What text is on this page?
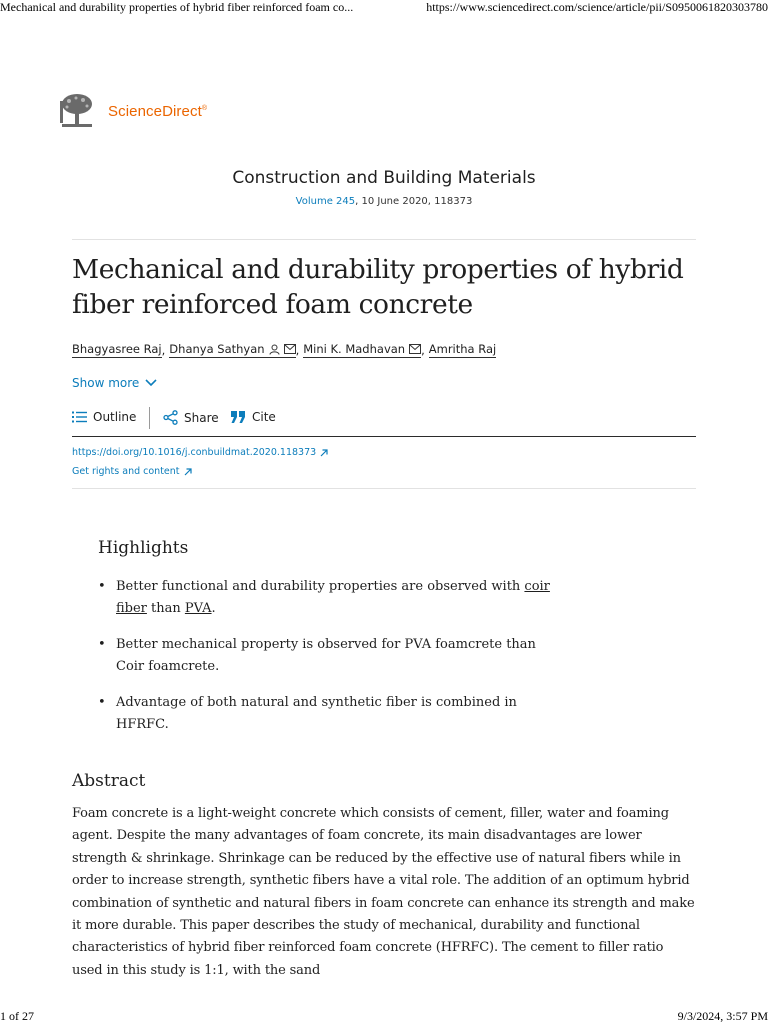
Mechanical and durability properties of hybrid fiber reinforced foam co...	https://www.sciencedirect.com/science/article/pii/S0950061820303780
ScienceDirect®
Construction and Building Materials
Volume 245, 10 June 2020, 118373
Mechanical and durability properties of hybrid fiber reinforced foam concrete
Bhagyasree Raj , Dhanya Sathyan	, Mini K. Madhavan , Amritha Raj
Show more
Outline	Share	Cite
https://doi.org/10.1016/j.conbuildmat.2020.118373
Get rights and content
Highlights
• Better functional and durability properties are observed with coir fiber than PVA.
• Better mechanical property is observed for PVA foamcrete than Coir foamcrete.
• Advantage of both natural and synthetic fiber is combined in HFRFC.
Abstract

Foam concrete is a light-weight concrete which consists of cement, filler, water and foaming agent. Despite the many advantages of foam concrete, its main disadvantages are lower strength & shrinkage. Shrinkage can be reduced by the effective use of natural fibers while in order to increase strength, synthetic fibers have a vital role. The addition of an optimum hybrid combination of synthetic and natural fibers in foam concrete can enhance its strength and make it more durable. This paper describes the study of mechanical, durability and functional characteristics of hybrid fiber reinforced foam concrete (HFRFC). The cement to filler ratio used in this study is 1:1, with the sand

1 of 27	9/3/2024, 3:57 PM
